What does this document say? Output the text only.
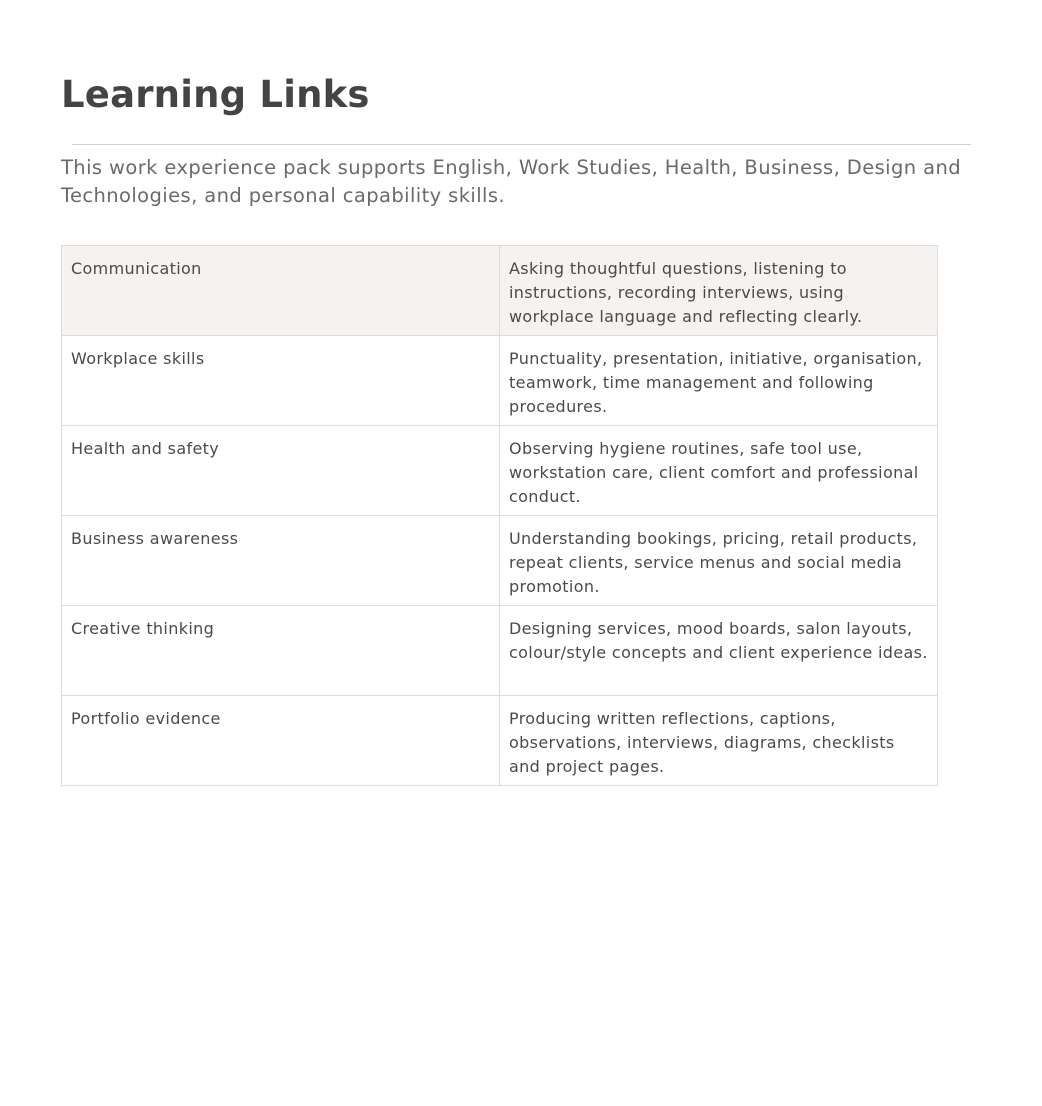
Learning Links

This work experience pack supports English, Work Studies, Health, Business, Design and Technologies, and personal capability skills.

Communication	Asking thoughtful questions, listening to instructions, recording interviews, using workplace language and reflecting clearly.
Workplace skills	Punctuality, presentation, initiative, organisation, teamwork, time management and following procedures.
Health and safety	Observing hygiene routines, safe tool use, workstation care, client comfort and professional conduct.
Business awareness	Understanding bookings, pricing, retail products, repeat clients, service menus and social media promotion.
Creative thinking	Designing services, mood boards, salon layouts, colour/style concepts and client experience ideas.
Portfolio evidence	Producing written reflections, captions, observations, interviews, diagrams, checklists and project pages.
